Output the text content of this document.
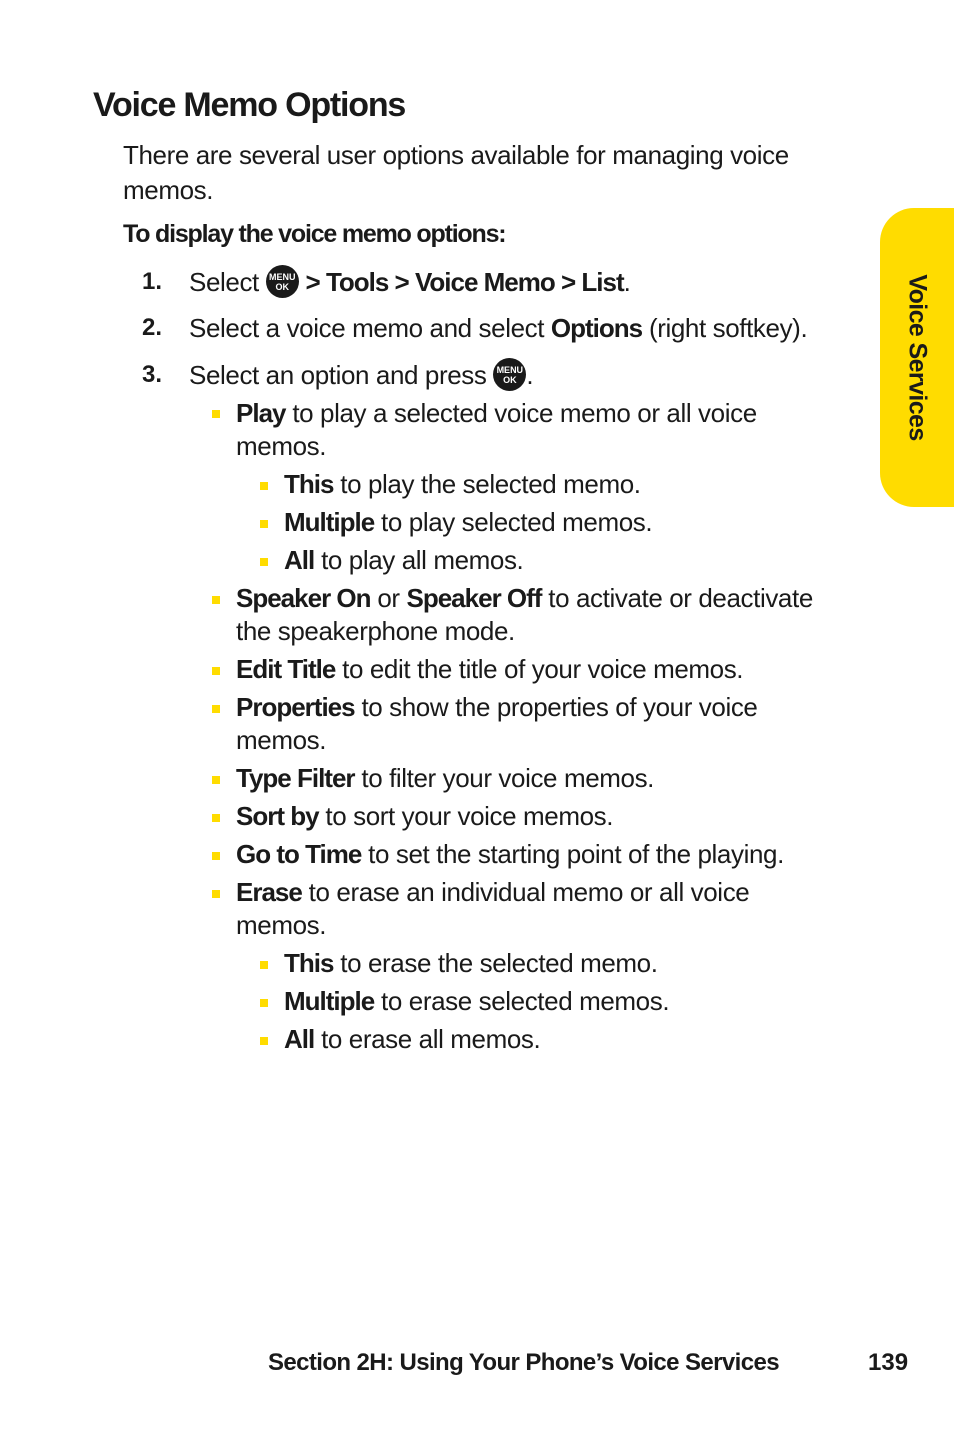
Voice Memo Options
There are several user options available for managing voice memos.
To display the voice memo options:
1. Select	MENU
OK > Tools > Voice Memo > List.
2. Select a voice memo and select Options (right softkey).
3. Select an option and press	MENU
OK .
Play to play a selected voice memo or all voice
memos.
This to play the selected memo.
Multiple to play selected memos.
All to play all memos.
Speaker On or Speaker Off to activate or deactivate
the speakerphone mode.
Edit Title to edit the title of your voice memos.
Properties to show the properties of your voice
memos.
Type Filter to filter your voice memos.
Sort by to sort your voice memos.
Go to Time to set the starting point of the playing.
Erase to erase an individual memo or all voice
memos.
This to erase the selected memo.
Multiple to erase selected memos.
All to erase all memos.
Voice Services
Section 2H: Using Your Phone’s Voice Services	139
